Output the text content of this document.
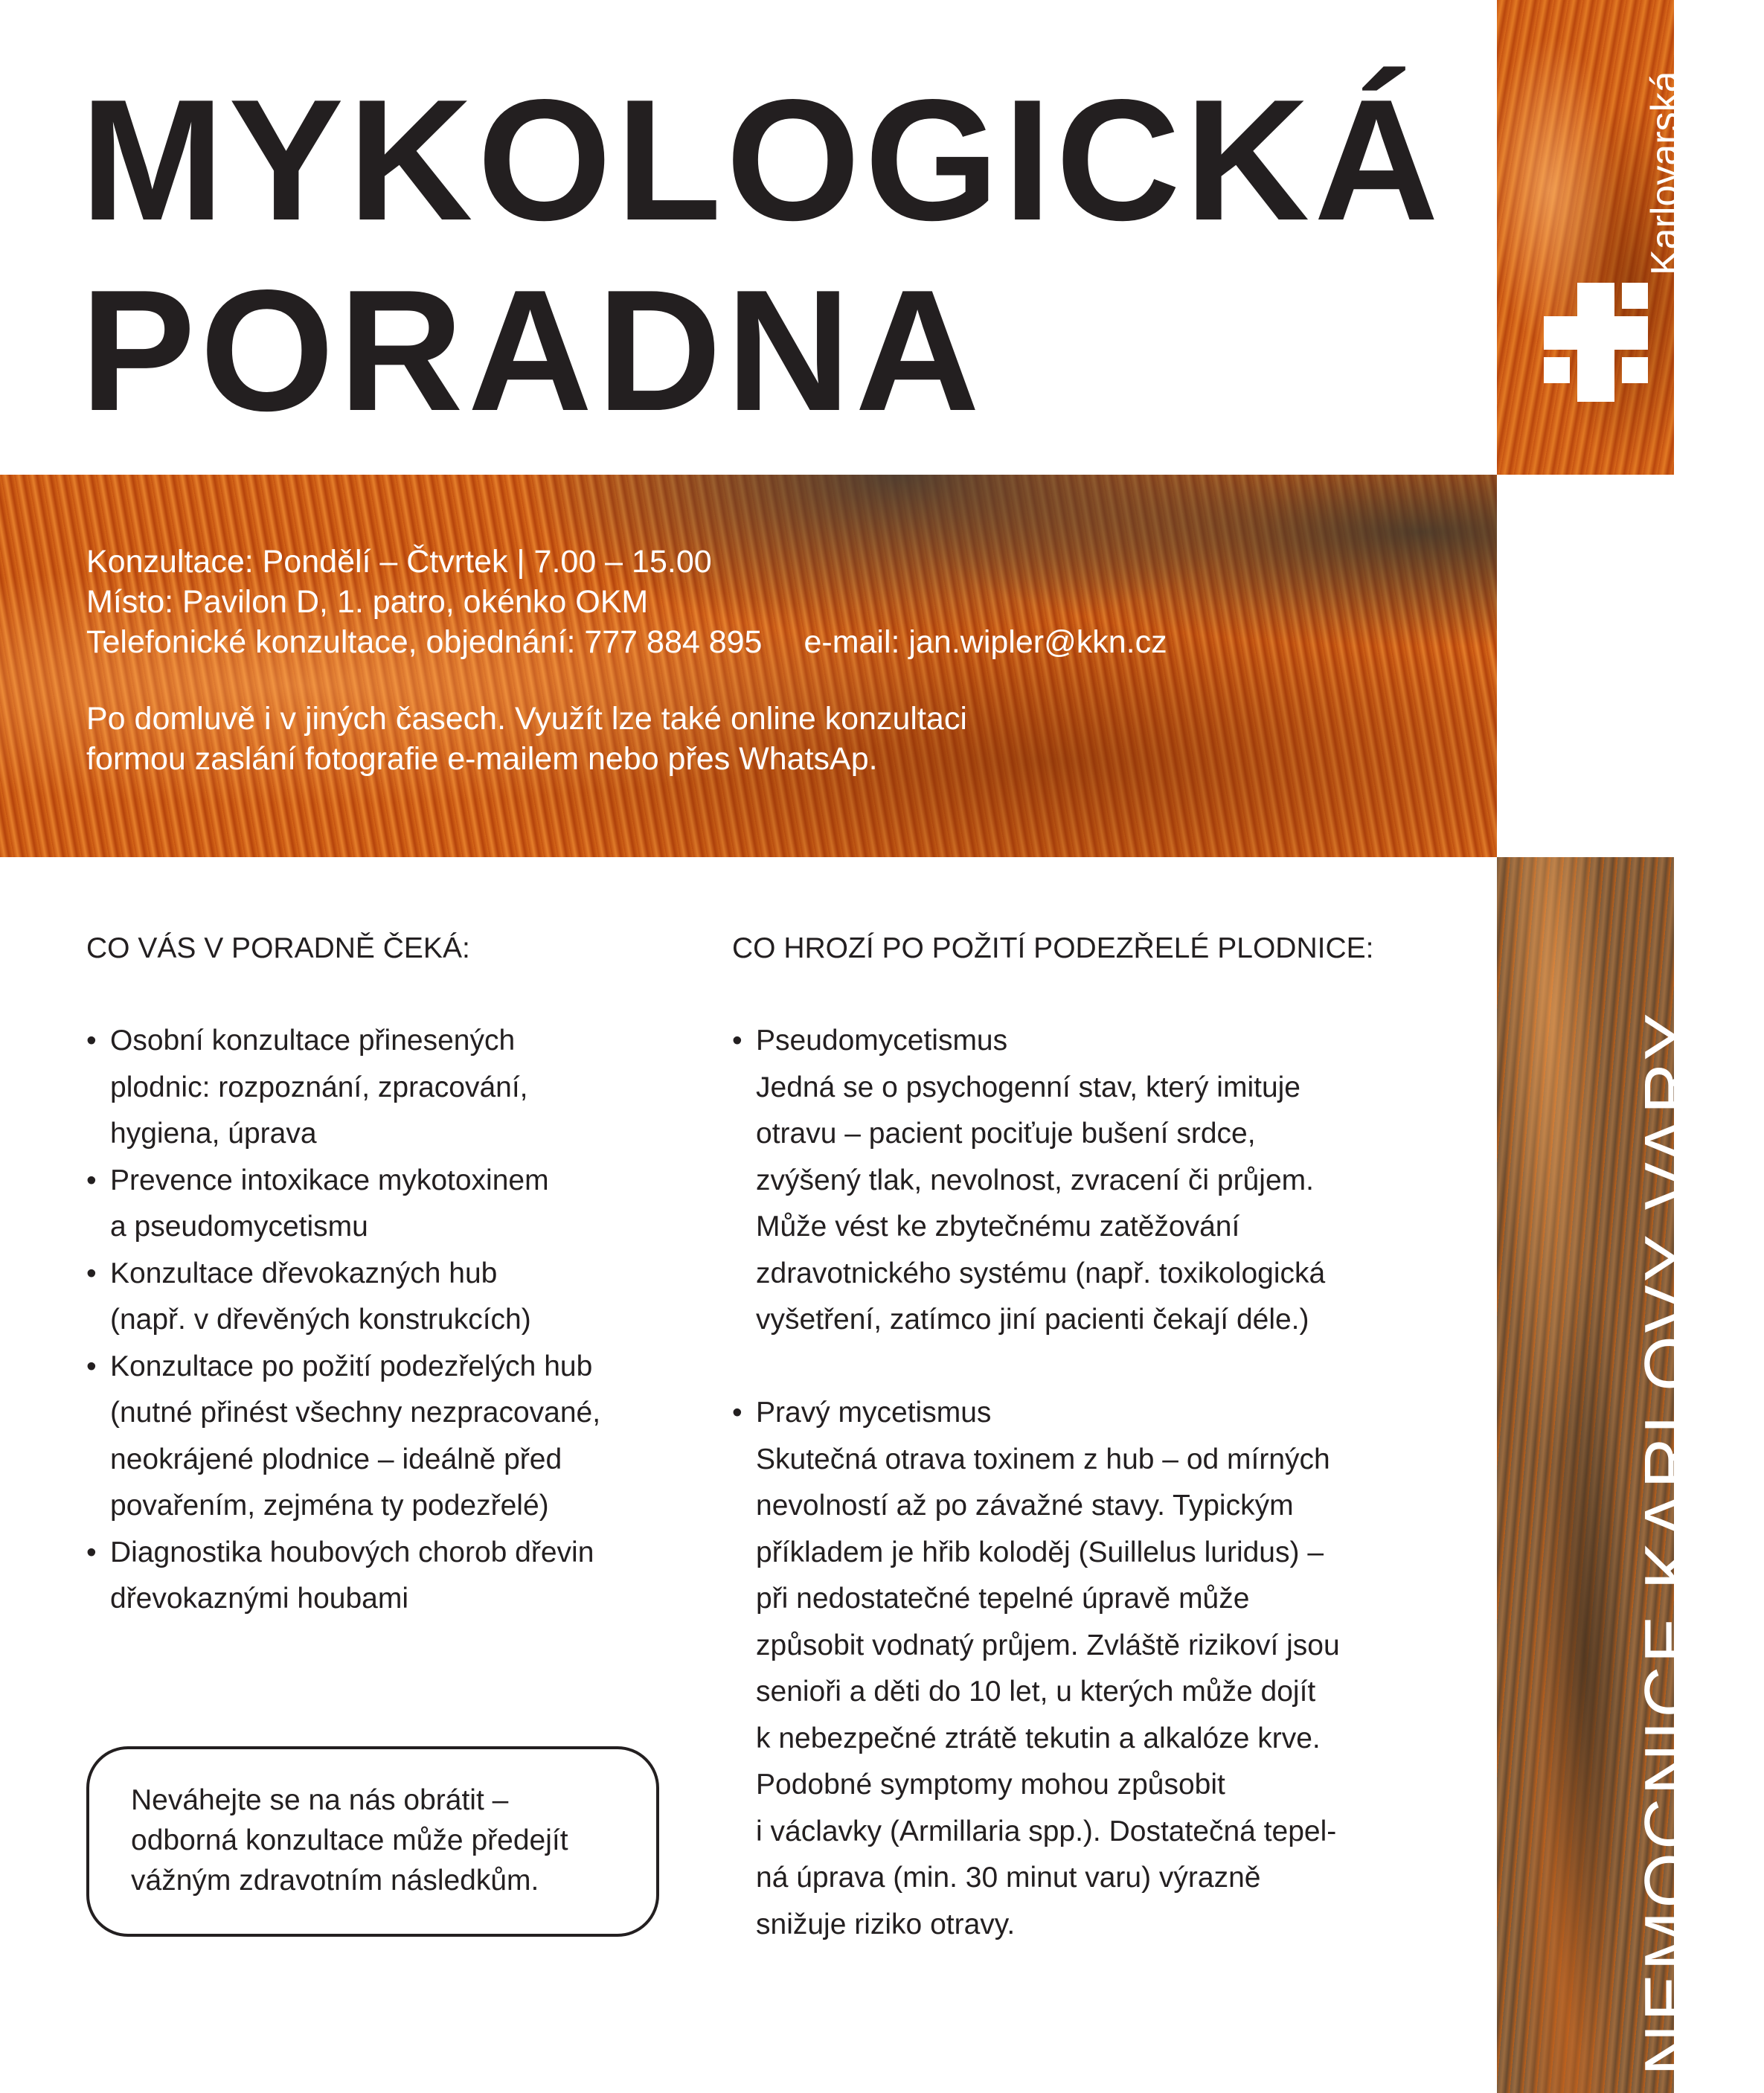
MYKOLOGICKÁ
PORADNA
Karlovarská
krajská
nemocnice

Konzultace: Pondělí – Čtvrtek | 7.00 – 15.00

Místo: Pavilon D, 1. patro, okénko OKM

Telefonické konzultace, objednání: 777 884 895 e-mail: jan.wipler@kkn.cz

Po domluvě i v jiných časech. Využít lze také online konzultaci

formou zaslání fotografie e-mailem nebo přes WhatsAp.

NEMOCNICE KARLOVY VARY
CO VÁS V PORADNĚ ČEKÁ:
• Osobní konzultace přinesených
plodnic: rozpoznání, zpracování,
hygiena, úprava
• Prevence intoxikace mykotoxinem
a pseudomycetismu
• Konzultace dřevokazných hub
(např. v dřevěných konstrukcích)
• Konzultace po požití podezřelých hub
(nutné přinést všechny nezpracované,
neokrájené plodnice – ideálně před
povařením, zejména ty podezřelé)
• Diagnostika houbových chorob dřevin
dřevokaznými houbami
CO HROZÍ PO POŽITÍ PODEZŘELÉ PLODNICE:
• Pseudomycetismus
Jedná se o psychogenní stav, který imituje
otravu – pacient pociťuje bušení srdce,
zvýšený tlak, nevolnost, zvracení či průjem.
Může vést ke zbytečnému zatěžování
zdravotnického systému (např. toxikologická
vyšetření, zatímco jiní pacienti čekají déle.)
• Pravý mycetismus
Skutečná otrava toxinem z hub – od mírných
nevolností až po závažné stavy. Typickým
příkladem je hřib koloděj (Suillelus luridus) –
při nedostatečné tepelné úpravě může
způsobit vodnatý průjem. Zvláště rizikoví jsou
senioři a děti do 10 let, u kterých může dojít
k nebezpečné ztrátě tekutin a alkalóze krve.
Podobné symptomy mohou způsobit
i václavky (Armillaria spp.). Dostatečná tepel-
ná úprava (min. 30 minut varu) výrazně
snižuje riziko otravy.
Neváhejte se na nás obrátit –
odborná konzultace může předejít
vážným zdravotním následkům.
